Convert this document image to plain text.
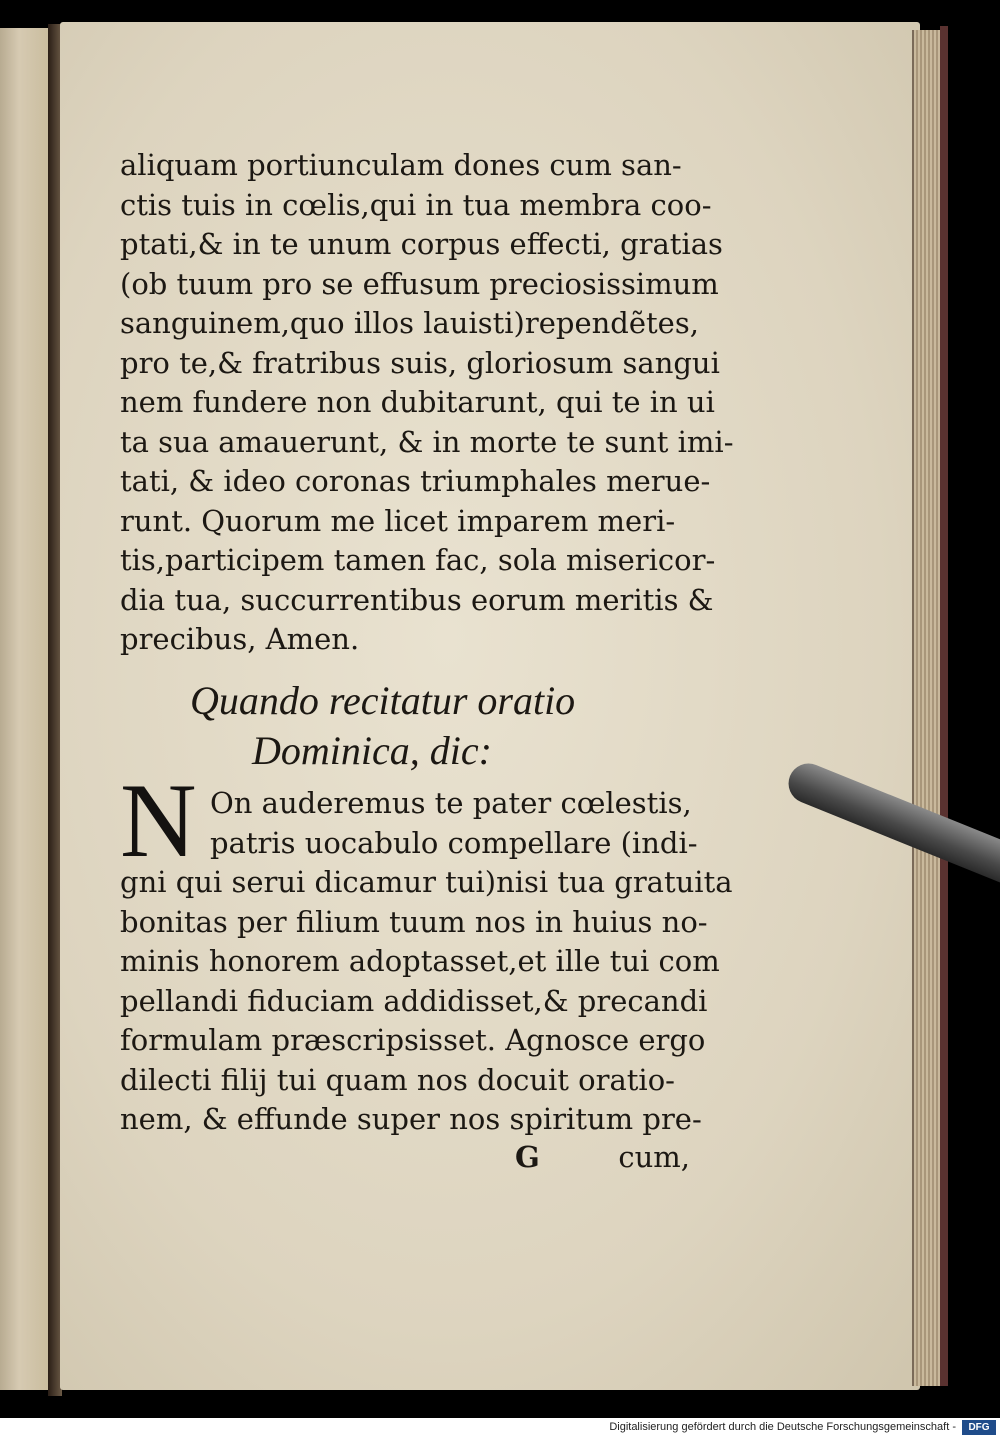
aliquam portiunculam dones cum san-
ctis tuis in cœlis,qui in tua membra coo-
ptati,& in te unum corpus effecti, gratias
(ob tuum pro se effusum preciosissimum
sanguinem,quo illos lauisti)rependẽtes,
pro te,& fratribus suis, gloriosum sangui
nem fundere non dubitarunt, qui te in ui
ta sua amauerunt, & in morte te sunt imi-
tati, & ideo coronas triumphales merue-
runt. Quorum me licet imparem meri-
tis,participem tamen fac, sola misericor-
dia tua, succurrentibus eorum meritis &
precibus, Amen.
Quando recitatur oratio
Dominica, dic:
N On auderemus te pater cœlestis,
patris uocabulo compellare (indi-
gni qui serui dicamur tui)nisi tua gratuita
bonitas per filium tuum nos in huius no-
minis honorem adoptasset,et ille tui com
pellandi fiduciam addidisset,& precandi
formulam præscripsisset. Agnosce ergo
dilecti filij tui quam nos docuit oratio-
nem, & effunde super nos spiritum pre-
G	cum,
Digitalisierung gefördert durch die Deutsche Forschungsgemeinschaft -	DFG
